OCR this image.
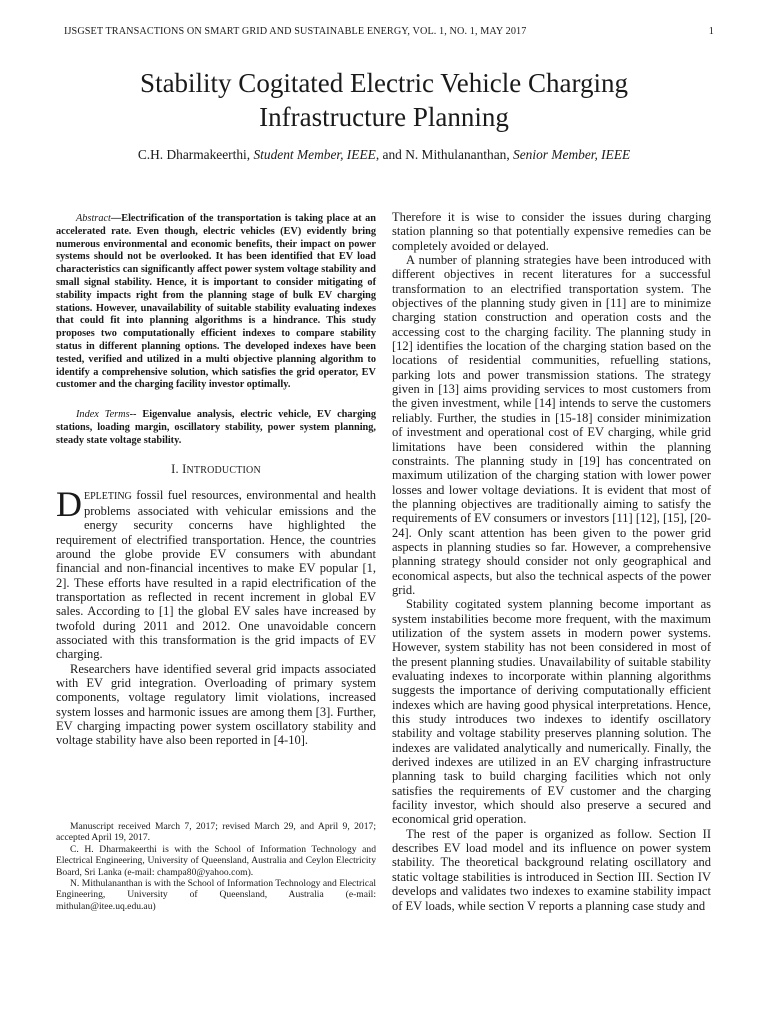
IJSGSET TRANSACTIONS ON SMART GRID AND SUSTAINABLE ENERGY, VOL. 1, NO. 1, MAY 2017	1
Stability Cogitated Electric Vehicle Charging
Infrastructure Planning
C.H. Dharmakeerthi, Student Member, IEEE, and N. Mithulananthan, Senior Member, IEEE

Abstract—Electrification of the transportation is taking place at an accelerated rate. Even though, electric vehicles (EV) evidently bring numerous environmental and economic benefits, their impact on power systems should not be overlooked. It has been identified that EV load characteristics can significantly affect power system voltage stability and small signal stability. Hence, it is important to consider mitigating of stability impacts right from the planning stage of bulk EV charging stations. However, unavailability of suitable stability evaluating indexes that could fit into planning algorithms is a hindrance. This study proposes two computationally efficient indexes to compare stability status in different planning options. The developed indexes have been tested, verified and utilized in a multi objective planning algorithm to identify a comprehensive solution, which satisfies the grid operator, EV customer and the charging facility investor optimally.

Index Terms-- Eigenvalue analysis, electric vehicle, EV charging stations, loading margin, oscillatory stability, power system planning, steady state voltage stability.

I. INTRODUCTION

DEPLETING fossil fuel resources, environmental and health problems associated with vehicular emissions and the energy security concerns have highlighted the requirement of electrified transportation. Hence, the countries around the globe provide EV consumers with abundant financial and non-financial incentives to make EV popular [1, 2]. These efforts have resulted in a rapid electrification of the transportation as reflected in recent increment in global EV sales. According to [1] the global EV sales have increased by twofold during 2011 and 2012. One unavoidable concern associated with this transformation is the grid impacts of EV charging.

Researchers have identified several grid impacts associated with EV grid integration. Overloading of primary system components, voltage regulatory limit violations, increased system losses and harmonic issues are among them [3]. Further, EV charging impacting power system oscillatory stability and voltage stability have also been reported in [4-10].

Manuscript received March 7, 2017; revised March 29, and April 9, 2017; accepted April 19, 2017.

C. H. Dharmakeerthi is with the School of Information Technology and Electrical Engineering, University of Queensland, Australia and Ceylon Electricity Board, Sri Lanka (e-mail: champa80@yahoo.com).

N. Mithulananthan is with the School of Information Technology and Electrical Engineering, University of Queensland, Australia (e-mail: mithulan@itee.uq.edu.au)

Therefore it is wise to consider the issues during charging station planning so that potentially expensive remedies can be completely avoided or delayed.

A number of planning strategies have been introduced with different objectives in recent literatures for a successful transformation to an electrified transportation system. The objectives of the planning study given in [11] are to minimize charging station construction and operation costs and the accessing cost to the charging facility. The planning study in [12] identifies the location of the charging station based on the locations of residential communities, refuelling stations, parking lots and power transmission stations. The strategy given in [13] aims providing services to most customers from the given investment, while [14] intends to serve the customers reliably. Further, the studies in [15-18] consider minimization of investment and operational cost of EV charging, while grid limitations have been considered within the planning constraints. The planning study in [19] has concentrated on maximum utilization of the charging station with lower power losses and lower voltage deviations. It is evident that most of the planning objectives are traditionally aiming to satisfy the requirements of EV consumers or investors [11] [12], [15], [20-24]. Only scant attention has been given to the power grid aspects in planning studies so far. However, a comprehensive planning strategy should consider not only geographical and economical aspects, but also the technical aspects of the power grid.

Stability cogitated system planning become important as system instabilities become more frequent, with the maximum utilization of the system assets in modern power systems. However, system stability has not been considered in most of the present planning studies. Unavailability of suitable stability evaluating indexes to incorporate within planning algorithms suggests the importance of deriving computationally efficient indexes which are having good physical interpretations. Hence, this study introduces two indexes to identify oscillatory stability and voltage stability preserves planning solution. The indexes are validated analytically and numerically. Finally, the derived indexes are utilized in an EV charging infrastructure planning task to build charging facilities which not only satisfies the requirements of EV customer and the charging facility investor, which should also preserve a secured and economical grid operation.

The rest of the paper is organized as follow. Section II describes EV load model and its influence on power system stability. The theoretical background relating oscillatory and static voltage stabilities is introduced in Section III. Section IV develops and validates two indexes to examine stability impact of EV loads, while section V reports a planning case study and
